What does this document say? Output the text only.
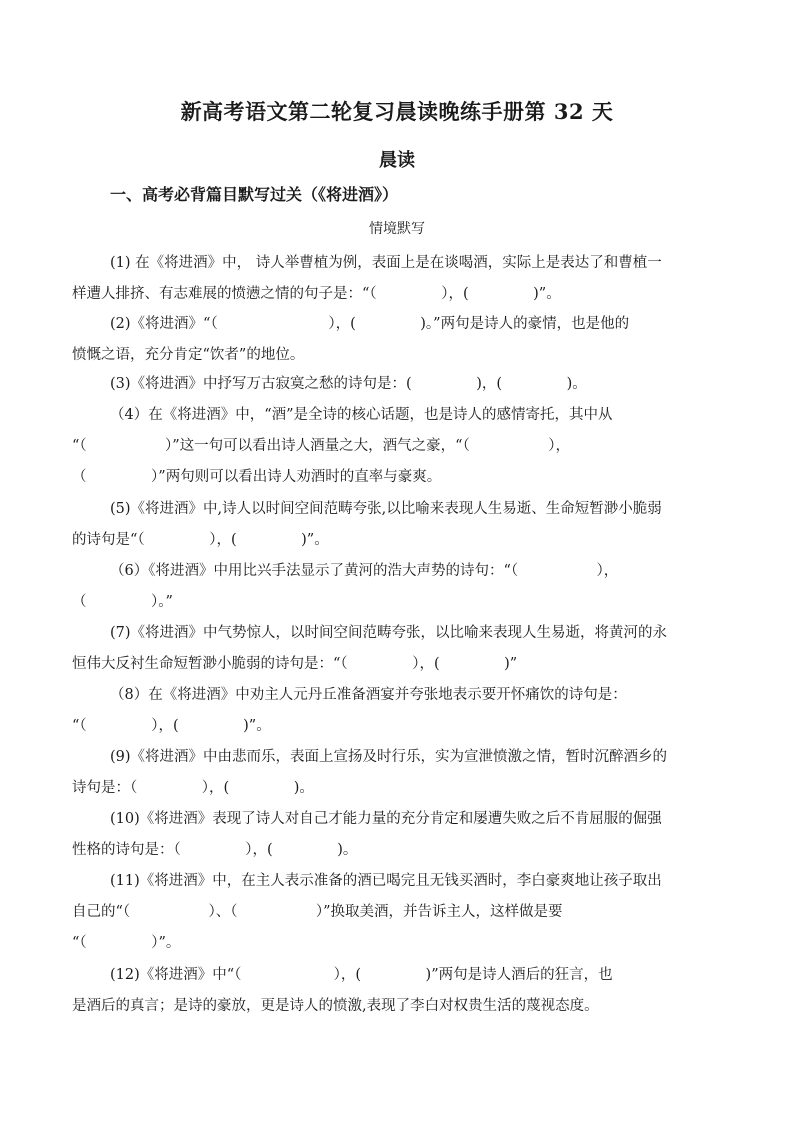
新高考语文第二轮复习晨读晚练手册第 32 天
晨读
一、高考必背篇目默写过关（《将进酒》）
情境默写
(1) 在《将进酒》中， 诗人举曹植为例，表面上是在谈喝酒，实际上是表达了和曹植一
样遭人排挤、有志难展的愤懑之情的句子是：“（              ），(              )”。
(2)《将进酒》“（                        ），(              )。”两句是诗人的豪情，也是他的
愤慨之语，充分肯定“饮者”的地位。
(3)《将进酒》中抒写万古寂寞之愁的诗句是：(              )，(              )。
（4）在《将进酒》中，“酒”是全诗的核心话题，也是诗人的感情寄托，其中从
“（                 ）”这一句可以看出诗人酒量之大，酒气之豪，“（                 ），
（              ）”两句则可以看出诗人劝酒时的直率与豪爽。
(5)《将进酒》中,诗人以时间空间范畴夸张,以比喻来表现人生易逝、生命短暂渺小脆弱
的诗句是“（              ），(              )”。
（6）《将进酒》中用比兴手法显示了黄河的浩大声势的诗句：“（                 ），
（              ）。”
(7)《将进酒》中气势惊人，以时间空间范畴夸张，以比喻来表现人生易逝，将黄河的永
恒伟大反衬生命短暂渺小脆弱的诗句是：“（              ），(              )”
（8）在《将进酒》中劝主人元丹丘准备酒宴并夸张地表示要开怀痛饮的诗句是：
“（              ），(              )”。
(9)《将进酒》中由悲而乐，表面上宣扬及时行乐，实为宣泄愤激之情，暂时沉醉酒乡的
诗句是：（              ），(              )。
(10)《将进酒》表现了诗人对自己才能力量的充分肯定和屡遭失败之后不肯屈服的倔强
性格的诗句是：（              ），(              )。
(11)《将进酒》中，在主人表示准备的酒已喝完且无钱买酒时，李白豪爽地让孩子取出
自己的“（                 ）、（                 ）”换取美酒，并告诉主人，这样做是要
“（              ）”。
(12)《将进酒》中“（                    ），(              )”两句是诗人酒后的狂言，也
是酒后的真言；是诗的豪放，更是诗人的愤激,表现了李白对权贵生活的蔑视态度。
